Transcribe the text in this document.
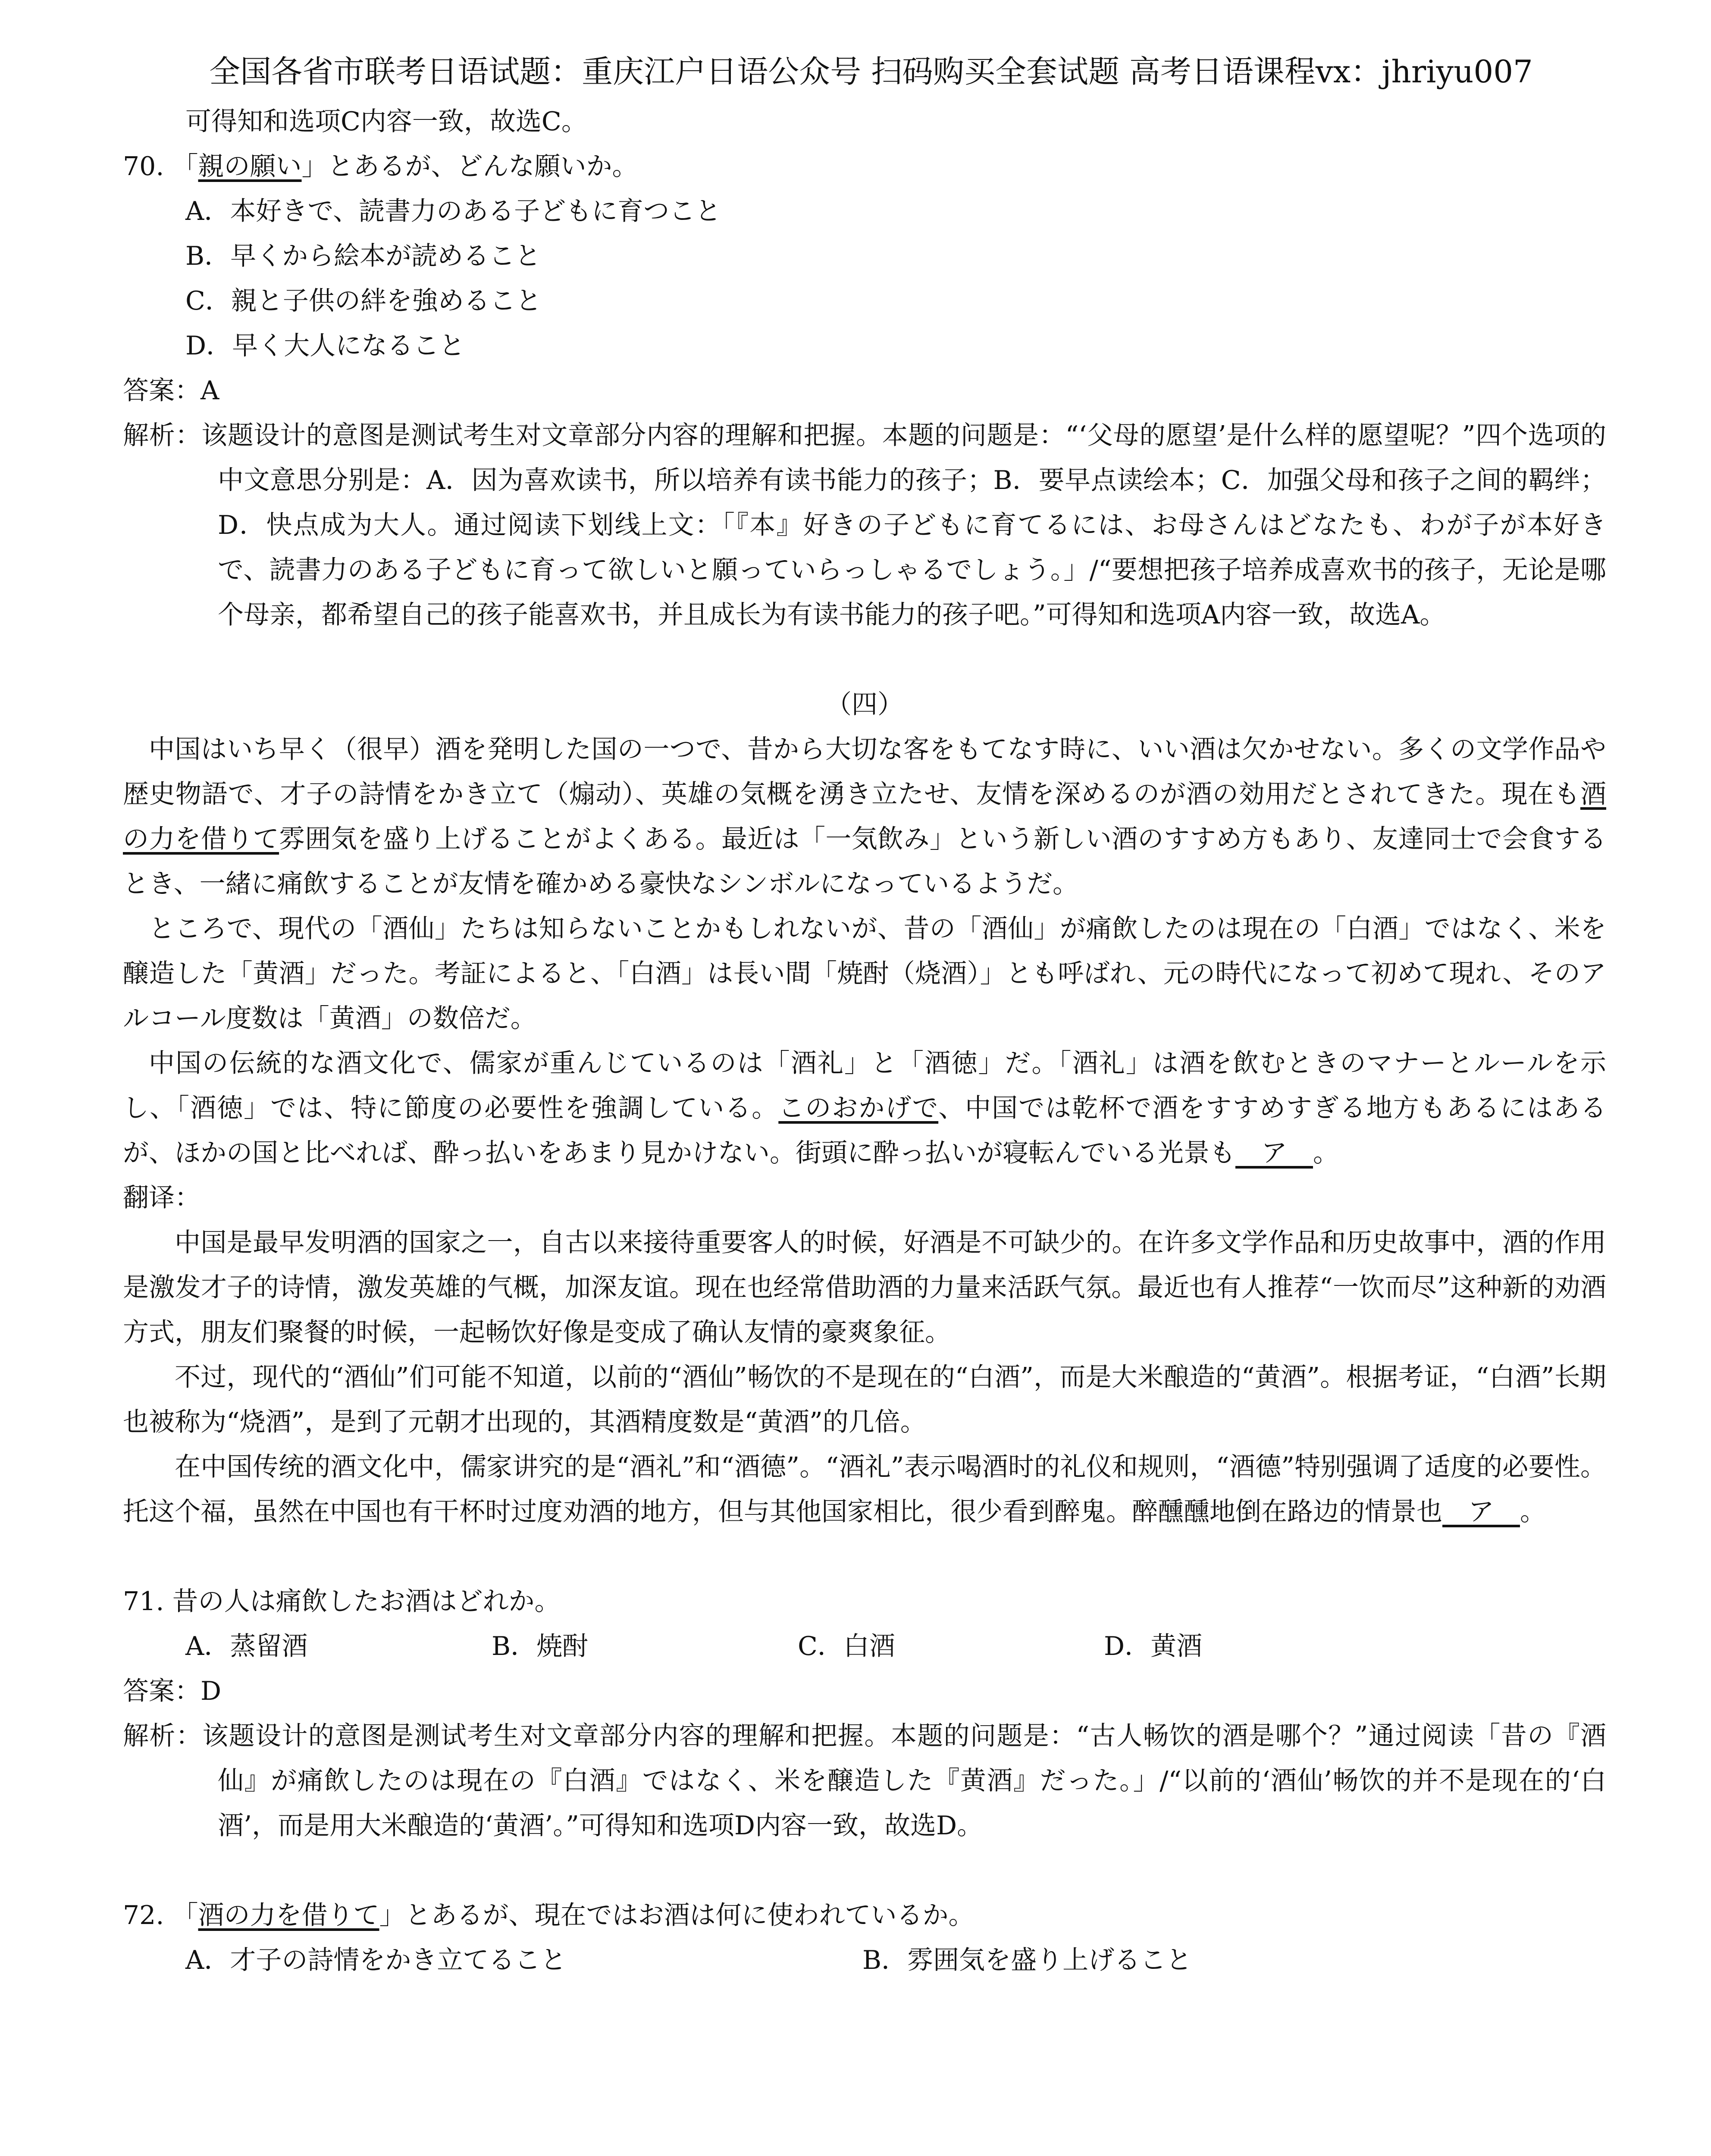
全国各省市联考日语试题：重庆江户日语公众号 扫码购买全套试题 高考日语课程vx：jhriyu007
可得知和选项C内容一致，故选C。
70. 「親の願い」とあるが、どんな願いか。
A．本好きで、読書力のある子どもに育つこと
B．早くから絵本が読めること
C．親と子供の絆を強めること
D．早く大人になること
答案：A

解析：该题设计的意图是测试考生对文章部分内容的理解和把握。本题的问题是：“‘父母的愿望’是什么样的愿望呢？”四个选项的中文意思分别是：A．因为喜欢读书，所以培养有读书能力的孩子；B．要早点读绘本；C．加强父母和孩子之间的羁绊；D．快点成为大人。通过阅读下划线上文：「『本』好きの子どもに育てるには、お母さんはどなたも、わが子が本好きで、読書力のある子どもに育って欲しいと願っていらっしゃるでしょう。」/“要想把孩子培养成喜欢书的孩子，无论是哪个母亲，都希望自己的孩子能喜欢书，并且成长为有读书能力的孩子吧。”可得知和选项A内容一致，故选A。

（四）

中国はいち早く（很早）酒を発明した国の一つで、昔から大切な客をもてなす時に、いい酒は欠かせない。多くの文学作品や歴史物語で、才子の詩情をかき立て（煽动）、英雄の気概を湧き立たせ、友情を深めるのが酒の効用だとされてきた。現在も酒の力を借りて雰囲気を盛り上げることがよくある。最近は「一気飲み」という新しい酒のすすめ方もあり、友達同士で会食するとき、一緒に痛飲することが友情を確かめる豪快なシンボルになっているようだ。

ところで、現代の「酒仙」たちは知らないことかもしれないが、昔の「酒仙」が痛飲したのは現在の「白酒」ではなく、米を醸造した「黄酒」だった。考証によると、「白酒」は長い間「焼酎（烧酒）」とも呼ばれ、元の時代になって初めて現れ、そのアルコール度数は「黄酒」の数倍だ。

中国の伝統的な酒文化で、儒家が重んじているのは「酒礼」と「酒徳」だ。「酒礼」は酒を飲むときのマナーとルールを示し、「酒徳」では、特に節度の必要性を強調している。このおかげで、中国では乾杯で酒をすすめすぎる地方もあるにはあるが、ほかの国と比べれば、酔っ払いをあまり見かけない。街頭に酔っ払いが寝転んでいる光景も　ア　。

翻译：

中国是最早发明酒的国家之一，自古以来接待重要客人的时候，好酒是不可缺少的。在许多文学作品和历史故事中，酒的作用是激发才子的诗情，激发英雄的气概，加深友谊。现在也经常借助酒的力量来活跃气氛。最近也有人推荐“一饮而尽”这种新的劝酒方式，朋友们聚餐的时候，一起畅饮好像是变成了确认友情的豪爽象征。

不过，现代的“酒仙”们可能不知道，以前的“酒仙”畅饮的不是现在的“白酒”，而是大米酿造的“黄酒”。根据考证，“白酒”长期也被称为“烧酒”，是到了元朝才出现的，其酒精度数是“黄酒”的几倍。

在中国传统的酒文化中，儒家讲究的是“酒礼”和“酒德”。“酒礼”表示喝酒时的礼仪和规则，“酒德”特别强调了适度的必要性。托这个福，虽然在中国也有干杯时过度劝酒的地方，但与其他国家相比，很少看到醉鬼。醉醺醺地倒在路边的情景也　ア　。

71. 昔の人は痛飲したお酒はどれか。
A．蒸留酒	B．焼酎	C．白酒	D．黄酒
答案：D

解析：该题设计的意图是测试考生对文章部分内容的理解和把握。本题的问题是：“古人畅饮的酒是哪个？”通过阅读「昔の『酒仙』が痛飲したのは現在の『白酒』ではなく、米を醸造した『黄酒』だった。」/“以前的‘酒仙’畅饮的并不是现在的‘白酒’，而是用大米酿造的‘黄酒’。”可得知和选项D内容一致，故选D。

72. 「酒の力を借りて」とあるが、現在ではお酒は何に使われているか。
A．才子の詩情をかき立てること	B．雰囲気を盛り上げること
